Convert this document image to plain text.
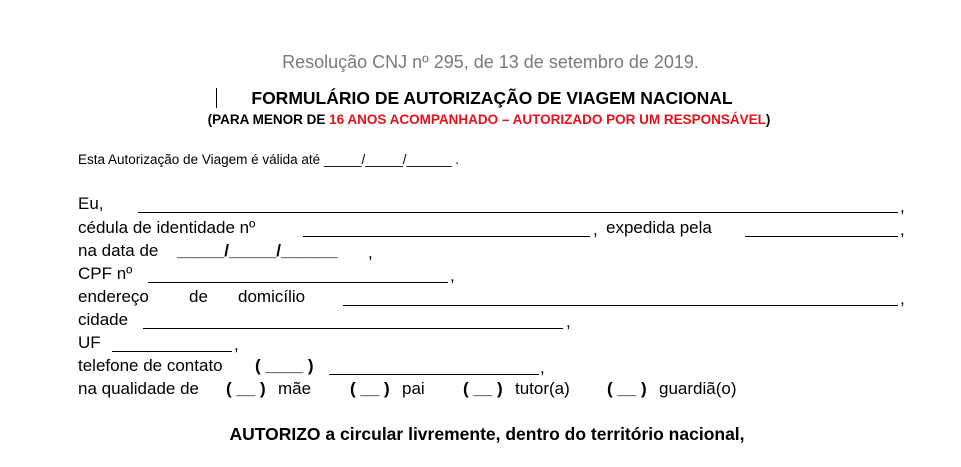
Resolução CNJ nº 295, de 13 de setembro de 2019.
FORMULÁRIO DE AUTORIZAÇÃO DE VIAGEM NACIONAL
(PARA MENOR DE 16 ANOS ACOMPANHADO – AUTORIZADO POR UM RESPONSÁVEL)
Esta Autorização de Viagem é válida até _____/_____/______ .
Eu,	,
cédula de identidade nº	, expedida pela	,
na data de _____/_____/______ ,
CPF nº	,
endereço de domicílio	,
cidade	,
UF	,
telefone de contato ( ____ )	,
na qualidade de ( __ ) mãe ( __ ) pai ( __ ) tutor(a) ( __ ) guardiã(o)
AUTORIZO a circular livremente, dentro do território nacional,
